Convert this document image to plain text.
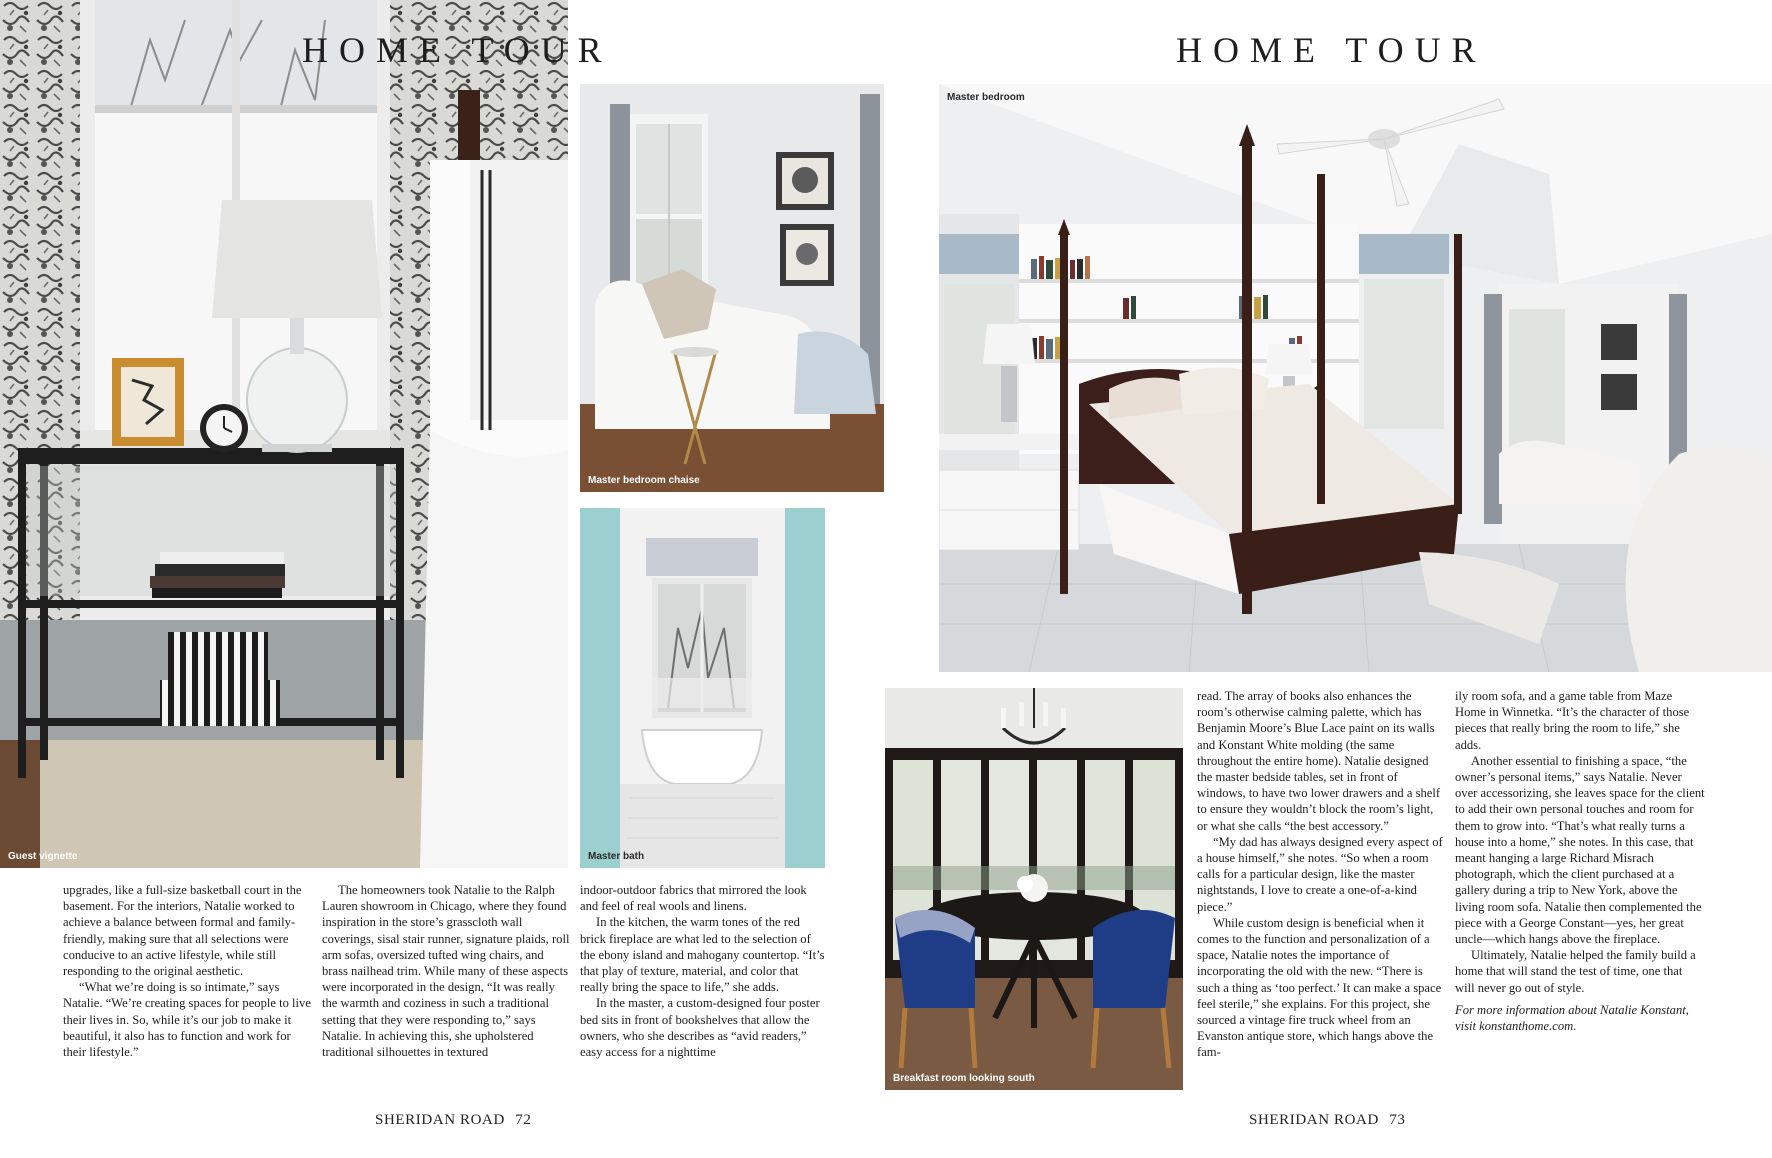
Guest vignette
HOME TOUR
Master bedroom chaise
Master bath

upgrades, like a full-size basketball court in the basement. For the interiors, Natalie worked to achieve a balance between formal and family-friendly, making sure that all selections were conducive to an active lifestyle, while still responding to the original aesthetic.

“What we’re doing is so intimate,” says Natalie. “We’re creating spaces for people to live their lives in. So, while it’s our job to make it beautiful, it also has to function and work for their lifestyle.”

The homeowners took Natalie to the Ralph Lauren showroom in Chicago, where they found inspiration in the store’s grasscloth wall coverings, sisal stair runner, signature plaids, roll arm sofas, oversized tufted wing chairs, and brass nailhead trim. While many of these aspects were incorporated in the design, “It was really the warmth and coziness in such a traditional setting that they were responding to,” says Natalie. In achieving this, she upholstered traditional silhouettes in textured

indoor-outdoor fabrics that mirrored the look and feel of real wools and linens.

In the kitchen, the warm tones of the red brick fireplace are what led to the selection of the ebony island and mahogany countertop. “It’s that play of texture, material, and color that really bring the space to life,” she adds.

In the master, a custom-designed four poster bed sits in front of bookshelves that allow the owners, who she describes as “avid readers,” easy access for a nighttime

SHERIDAN ROAD 72
HOME TOUR
Master bedroom
Breakfast room looking south

read. The array of books also enhances the room’s otherwise calming palette, which has Benjamin Moore’s Blue Lace paint on its walls and Konstant White molding (the same throughout the entire home). Natalie designed the master bedside tables, set in front of windows, to have two lower drawers and a shelf to ensure they wouldn’t block the room’s light, or what she calls “the best accessory.”

“My dad has always designed every aspect of a house himself,” she notes. “So when a room calls for a particular design, like the master nightstands, I love to create a one-of-a-kind piece.”

While custom design is beneficial when it comes to the function and personalization of a space, Natalie notes the importance of incorporating the old with the new. “There is such a thing as ‘too perfect.’ It can make a space feel sterile,” she explains. For this project, she sourced a vintage fire truck wheel from an Evanston antique store, which hangs above the fam-

ily room sofa, and a game table from Maze Home in Winnetka. “It’s the character of those pieces that really bring the room to life,” she adds.

Another essential to finishing a space, “the owner’s personal items,” says Natalie. Never over accessorizing, she leaves space for the client to add their own personal touches and room for them to grow into. “That’s what really turns a house into a home,” she notes. In this case, that meant hanging a large Richard Misrach photograph, which the client purchased at a gallery during a trip to New York, above the living room sofa. Natalie then complemented the piece with a George Constant—yes, her great uncle—which hangs above the fireplace.

Ultimately, Natalie helped the family build a home that will stand the test of time, one that will never go out of style.

For more information about Natalie Konstant, visit konstanthome.com.

SHERIDAN ROAD 73
